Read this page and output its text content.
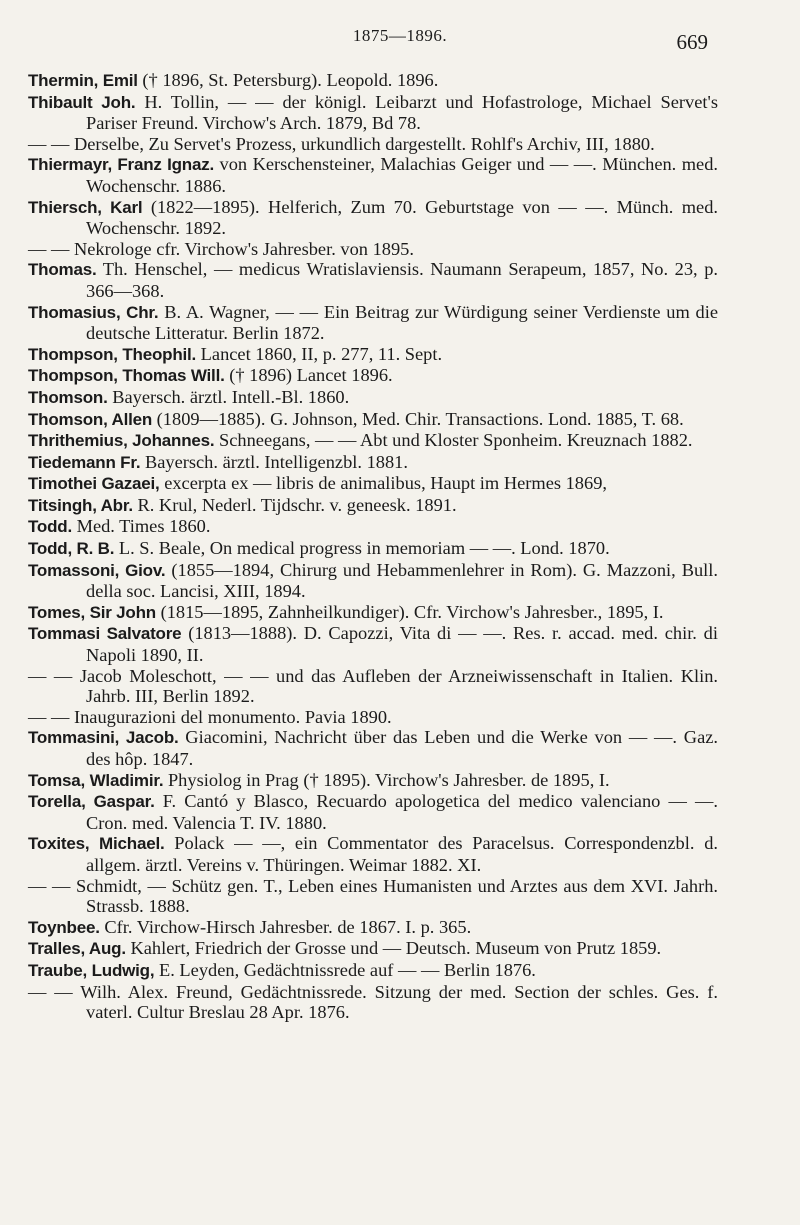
1875—1896.	669

Thermin, Emil († 1896, St. Petersburg). Leopold. 1896.

Thibault Joh. H. Tollin, — — der königl. Leibarzt und Hofastrologe, Michael Servet's Pariser Freund. Virchow's Arch. 1879, Bd 78.

— — Derselbe, Zu Servet's Prozess, urkundlich dargestellt. Rohlf's Archiv, III, 1880.

Thiermayr, Franz Ignaz. von Kerschensteiner, Malachias Geiger und — —. München. med. Wochenschr. 1886.

Thiersch, Karl (1822—1895). Helferich, Zum 70. Geburtstage von — —. Münch. med. Wochenschr. 1892.

— — Nekrologe cfr. Virchow's Jahresber. von 1895.

Thomas. Th. Henschel, — medicus Wratislaviensis. Naumann Serapeum, 1857, No. 23, p. 366—368.

Thomasius, Chr. B. A. Wagner, — — Ein Beitrag zur Würdigung seiner Verdienste um die deutsche Litteratur. Berlin 1872.

Thompson, Theophil. Lancet 1860, II, p. 277, 11. Sept.

Thompson, Thomas Will. († 1896) Lancet 1896.

Thomson. Bayersch. ärztl. Intell.-Bl. 1860.

Thomson, Allen (1809—1885). G. Johnson, Med. Chir. Transactions. Lond. 1885, T. 68.

Thrithemius, Johannes. Schneegans, — — Abt und Kloster Sponheim. Kreuznach 1882.

Tiedemann Fr. Bayersch. ärztl. Intelligenzbl. 1881.

Timothei Gazaei, excerpta ex — libris de animalibus, Haupt im Hermes 1869,

Titsingh, Abr. R. Krul, Nederl. Tijdschr. v. geneesk. 1891.

Todd. Med. Times 1860.

Todd, R. B. L. S. Beale, On medical progress in memoriam — —. Lond. 1870.

Tomassoni, Giov. (1855—1894, Chirurg und Hebammenlehrer in Rom). G. Mazzoni, Bull. della soc. Lancisi, XIII, 1894.

Tomes, Sir John (1815—1895, Zahnheilkundiger). Cfr. Virchow's Jahresber., 1895, I.

Tommasi Salvatore (1813—1888). D. Capozzi, Vita di — —. Res. r. accad. med. chir. di Napoli 1890, II.

— — Jacob Moleschott, — — und das Aufleben der Arzneiwissenschaft in Italien. Klin. Jahrb. III, Berlin 1892.

— — Inaugurazioni del monumento. Pavia 1890.

Tommasini, Jacob. Giacomini, Nachricht über das Leben und die Werke von — —. Gaz. des hôp. 1847.

Tomsa, Wladimir. Physiolog in Prag († 1895). Virchow's Jahresber. de 1895, I.

Torella, Gaspar. F. Cantó y Blasco, Recuardo apologetica del medico valenciano — —. Cron. med. Valencia T. IV. 1880.

Toxites, Michael. Polack — —, ein Commentator des Paracelsus. Correspondenzbl. d. allgem. ärztl. Vereins v. Thüringen. Weimar 1882. XI.

— — Schmidt, — Schütz gen. T., Leben eines Humanisten und Arztes aus dem XVI. Jahrh. Strassb. 1888.

Toynbee. Cfr. Virchow-Hirsch Jahresber. de 1867. I. p. 365.

Tralles, Aug. Kahlert, Friedrich der Grosse und — Deutsch. Museum von Prutz 1859.

Traube, Ludwig, E. Leyden, Gedächtnissrede auf — — Berlin 1876.

— — Wilh. Alex. Freund, Gedächtnissrede. Sitzung der med. Section der schles. Ges. f. vaterl. Cultur Breslau 28 Apr. 1876.
